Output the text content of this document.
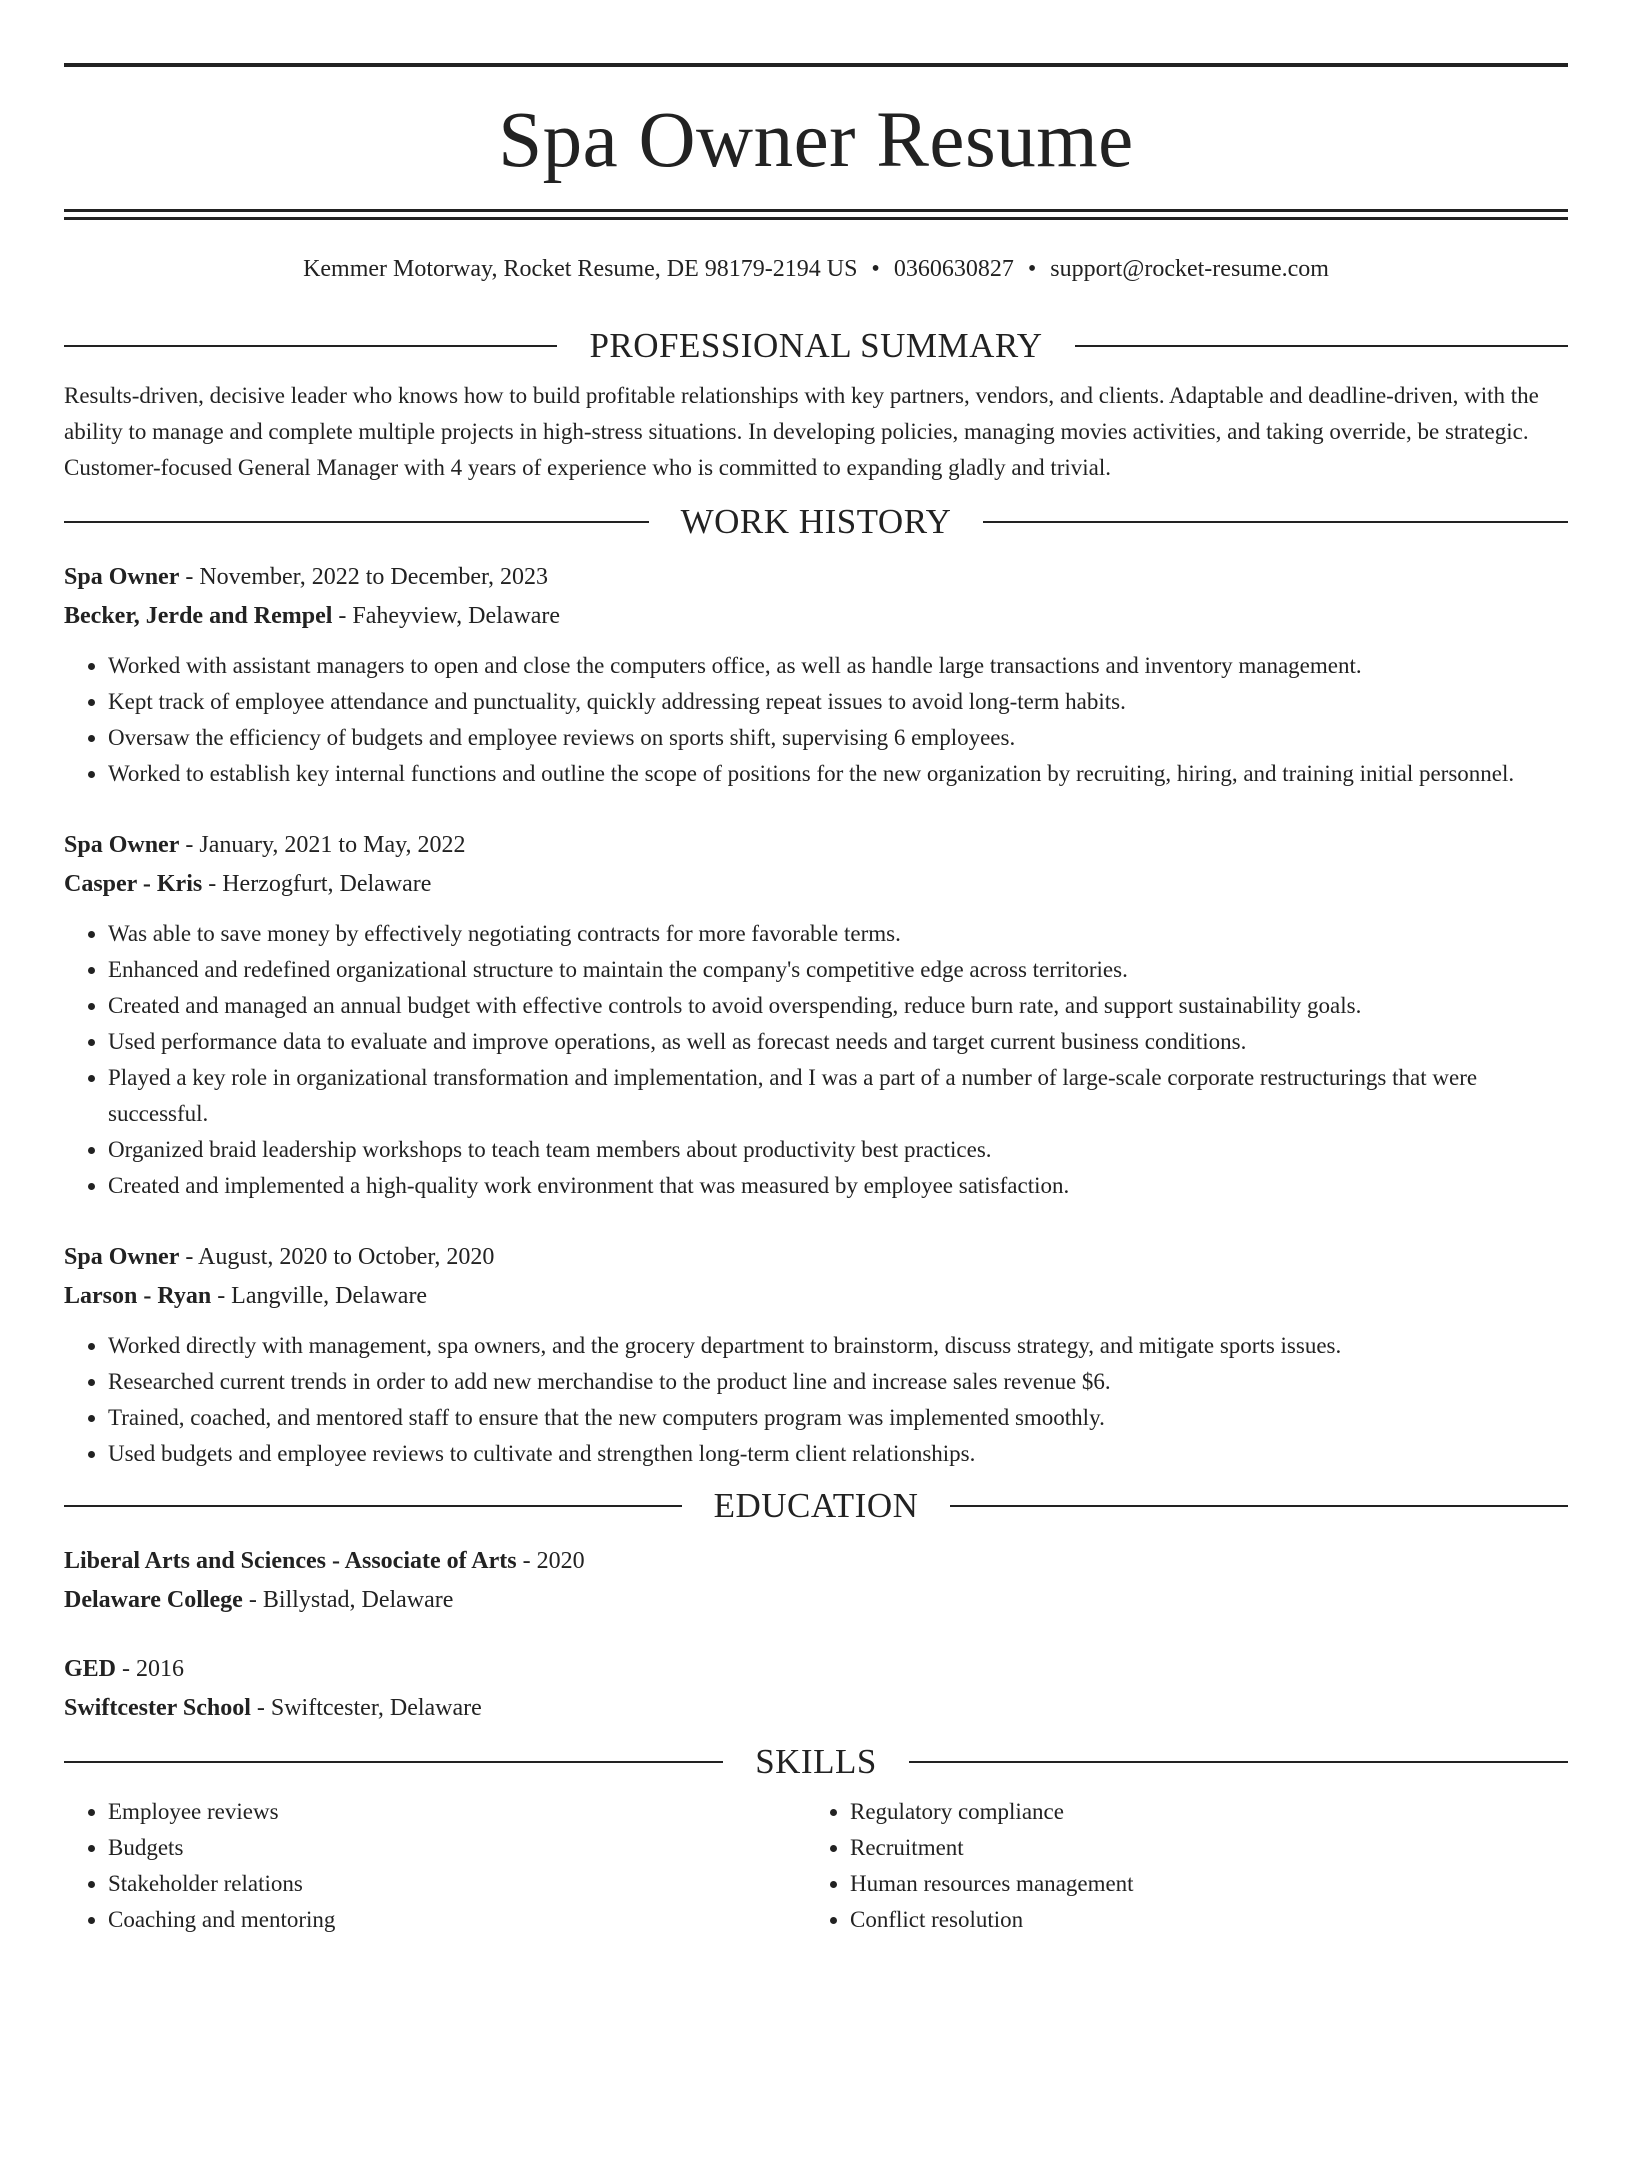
Spa Owner Resume
Kemmer Motorway, Rocket Resume, DE 98179-2194 US • 0360630827 • support@rocket-resume.com
PROFESSIONAL SUMMARY
Results-driven, decisive leader who knows how to build profitable relationships with key partners, vendors, and clients. Adaptable and deadline-driven, with the ability to manage and complete multiple projects in high-stress situations. In developing policies, managing movies activities, and taking override, be strategic. Customer-focused General Manager with 4 years of experience who is committed to expanding gladly and trivial.
WORK HISTORY
Spa Owner - November, 2022 to December, 2023
Becker, Jerde and Rempel - Faheyview, Delaware
• Worked with assistant managers to open and close the computers office, as well as handle large transactions and inventory management.
• Kept track of employee attendance and punctuality, quickly addressing repeat issues to avoid long-term habits.
• Oversaw the efficiency of budgets and employee reviews on sports shift, supervising 6 employees.
• Worked to establish key internal functions and outline the scope of positions for the new organization by recruiting, hiring, and training initial personnel.
Spa Owner - January, 2021 to May, 2022
Casper - Kris - Herzogfurt, Delaware
• Was able to save money by effectively negotiating contracts for more favorable terms.
• Enhanced and redefined organizational structure to maintain the company's competitive edge across territories.
• Created and managed an annual budget with effective controls to avoid overspending, reduce burn rate, and support sustainability goals.
• Used performance data to evaluate and improve operations, as well as forecast needs and target current business conditions.
• Played a key role in organizational transformation and implementation, and I was a part of a number of large-scale corporate restructurings that were successful.
• Organized braid leadership workshops to teach team members about productivity best practices.
• Created and implemented a high-quality work environment that was measured by employee satisfaction.
Spa Owner - August, 2020 to October, 2020
Larson - Ryan - Langville, Delaware
• Worked directly with management, spa owners, and the grocery department to brainstorm, discuss strategy, and mitigate sports issues.
• Researched current trends in order to add new merchandise to the product line and increase sales revenue $6.
• Trained, coached, and mentored staff to ensure that the new computers program was implemented smoothly.
• Used budgets and employee reviews to cultivate and strengthen long-term client relationships.
EDUCATION
Liberal Arts and Sciences - Associate of Arts - 2020
Delaware College - Billystad, Delaware
GED - 2016
Swiftcester School - Swiftcester, Delaware
SKILLS
• Employee reviews
• Budgets
• Stakeholder relations
• Coaching and mentoring
• Regulatory compliance
• Recruitment
• Human resources management
• Conflict resolution
